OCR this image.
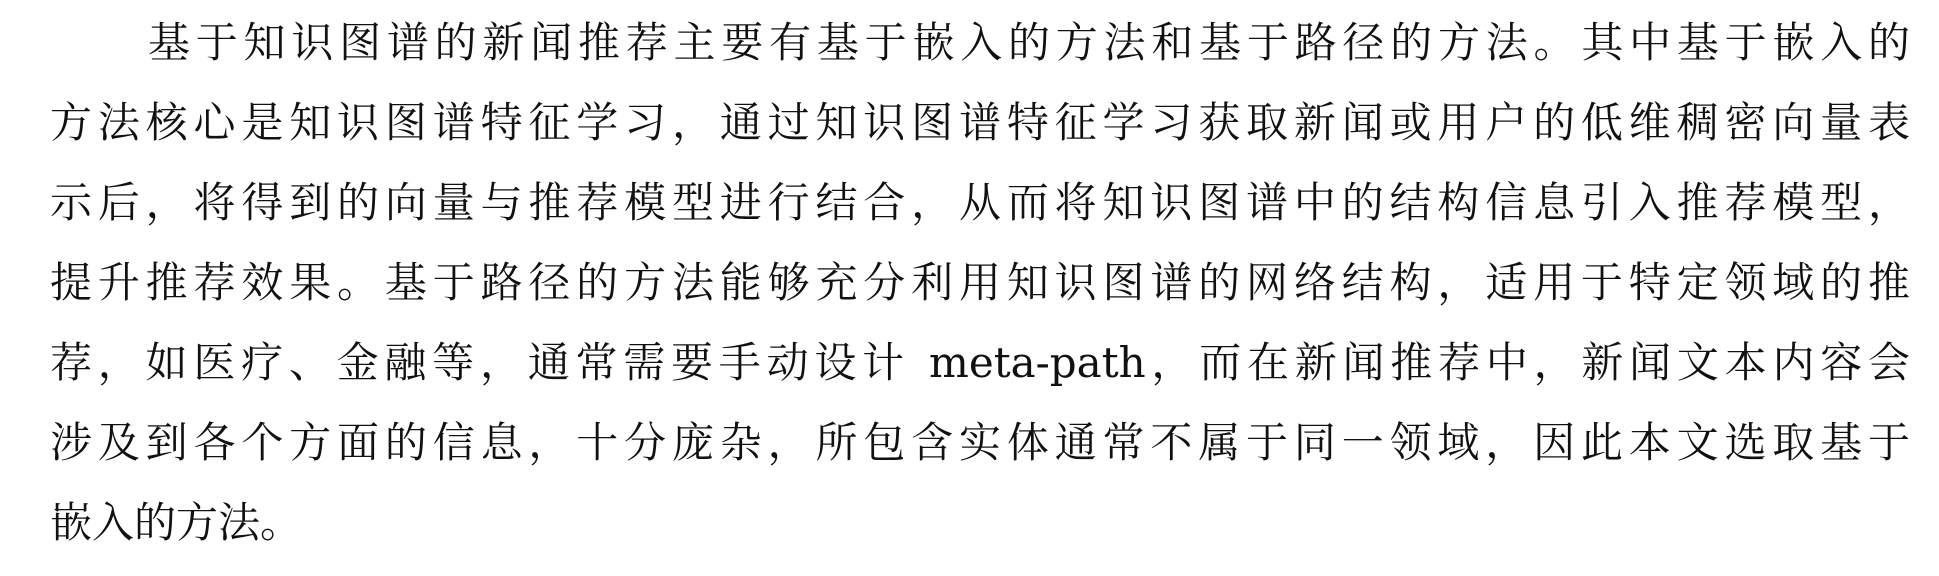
基于知识图谱的新闻推荐主要有基于嵌入的方法和基于路径的方法。其中基于嵌入的
方法核心是知识图谱特征学习，通过知识图谱特征学习获取新闻或用户的低维稠密向量表
示后，将得到的向量与推荐模型进行结合，从而将知识图谱中的结构信息引入推荐模型，
提升推荐效果。基于路径的方法能够充分利用知识图谱的网络结构，适用于特定领域的推
荐，如医疗、金融等，通常需要手动设计 meta-path，而在新闻推荐中，新闻文本内容会
涉及到各个方面的信息，十分庞杂，所包含实体通常不属于同一领域，因此本文选取基于
嵌入的方法。
